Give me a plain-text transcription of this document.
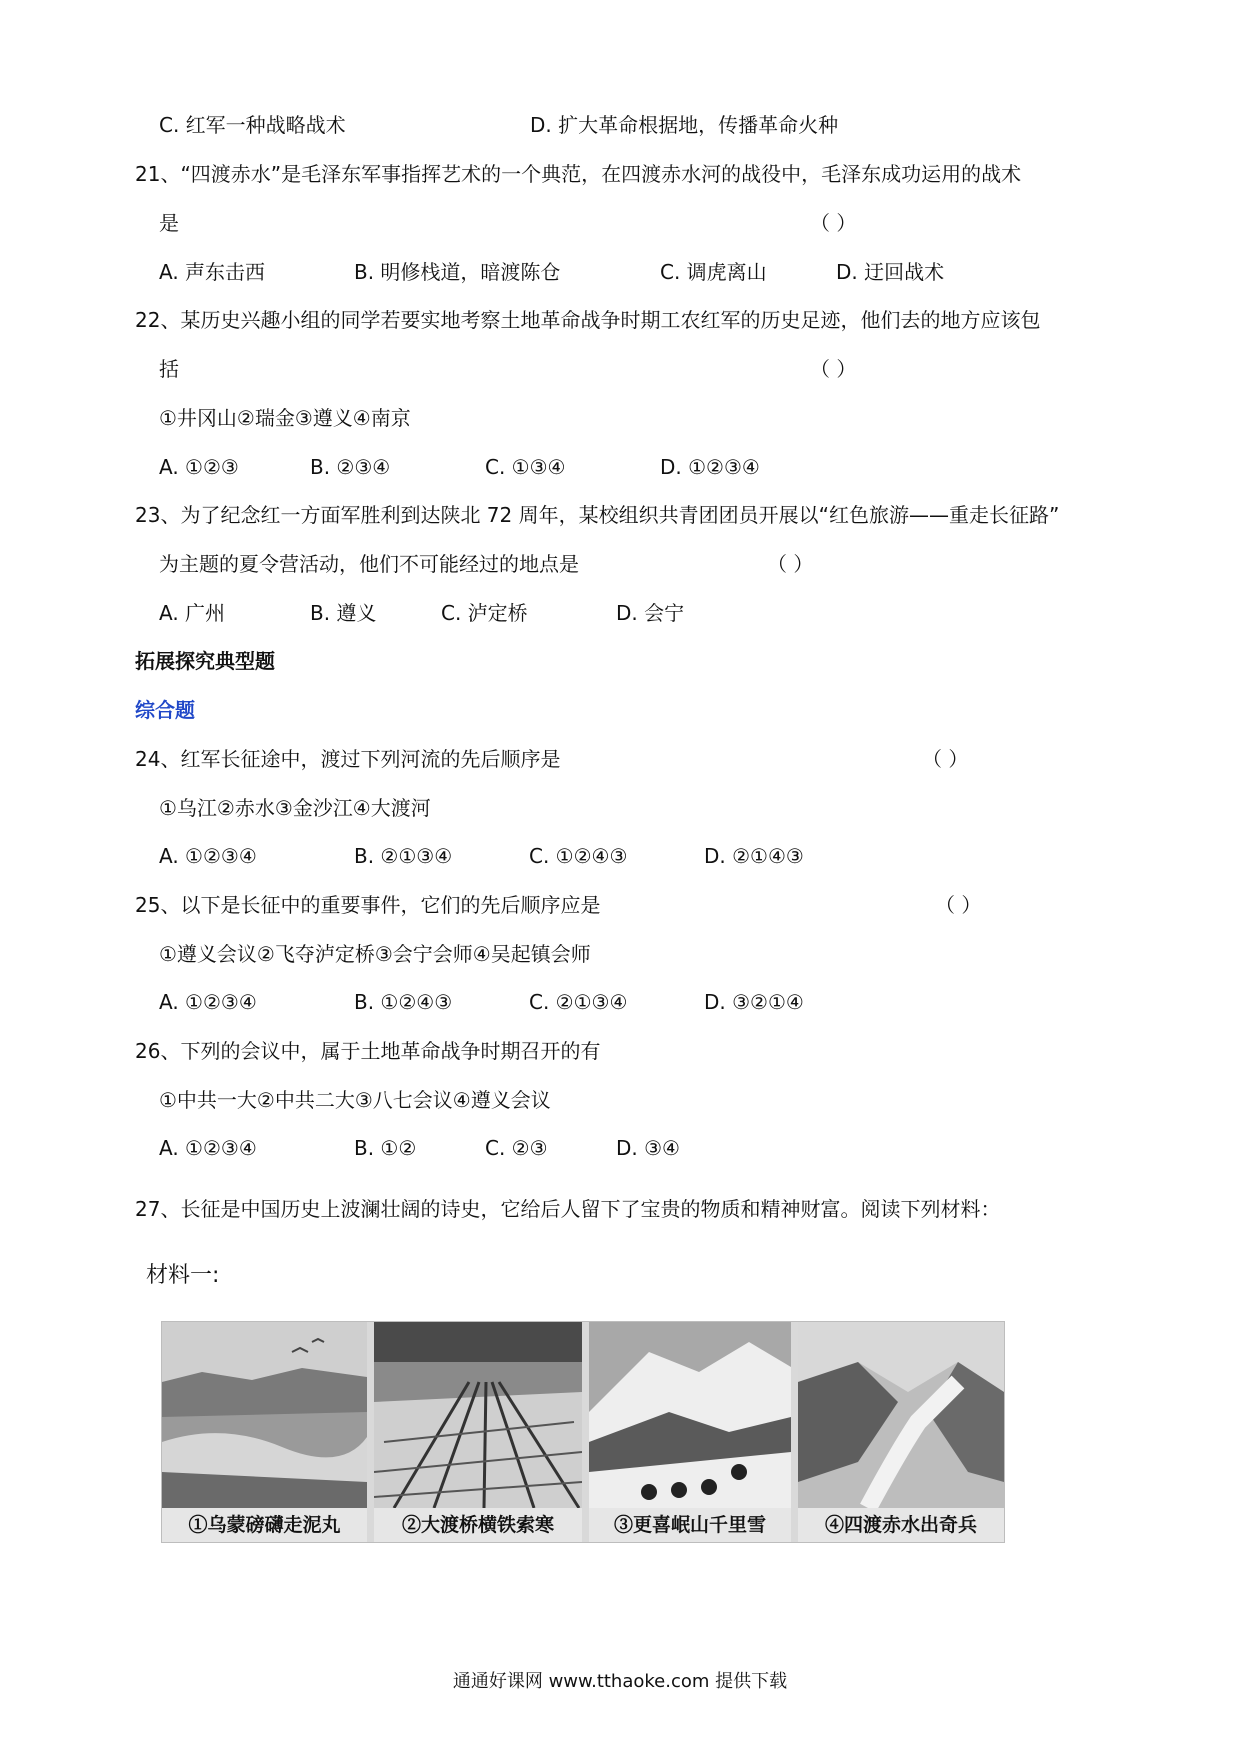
C. 红军一种战略战术	D. 扩大革命根据地，传播革命火种
21、“四渡赤水”是毛泽东军事指挥艺术的一个典范，在四渡赤水河的战役中，毛泽东成功运用的战术
是	（ ）
A. 声东击西	B. 明修栈道，暗渡陈仓	C. 调虎离山	D. 迂回战术
22、某历史兴趣小组的同学若要实地考察土地革命战争时期工农红军的历史足迹，他们去的地方应该包
括	（ ）
①井冈山②瑞金③遵义④南京
A. ①②③	B. ②③④	C. ①③④	D. ①②③④
23、为了纪念红一方面军胜利到达陕北 72 周年，某校组织共青团团员开展以“红色旅游——重走长征路”
为主题的夏令营活动，他们不可能经过的地点是	（ ）
A. 广州	B. 遵义	C. 泸定桥	D. 会宁
拓展探究典型题
综合题
24、红军长征途中，渡过下列河流的先后顺序是	（ ）
①乌江②赤水③金沙江④大渡河
A. ①②③④	B. ②①③④	C. ①②④③	D. ②①④③
25、以下是长征中的重要事件，它们的先后顺序应是	（ ）
①遵义会议②飞夺泸定桥③会宁会师④吴起镇会师
A. ①②③④	B. ①②④③	C. ②①③④	D. ③②①④
26、下列的会议中，属于土地革命战争时期召开的有
①中共一大②中共二大③八七会议④遵义会议
A. ①②③④	B. ①②	C. ②③	D. ③④
27、长征是中国历史上波澜壮阔的诗史，它给后人留下了宝贵的物质和精神财富。阅读下列材料：
材料一:
①乌蒙磅礴走泥丸	②大渡桥横铁索寒	③更喜岷山千里雪	④四渡赤水出奇兵
通通好课网 www.tthaoke.com 提供下载
